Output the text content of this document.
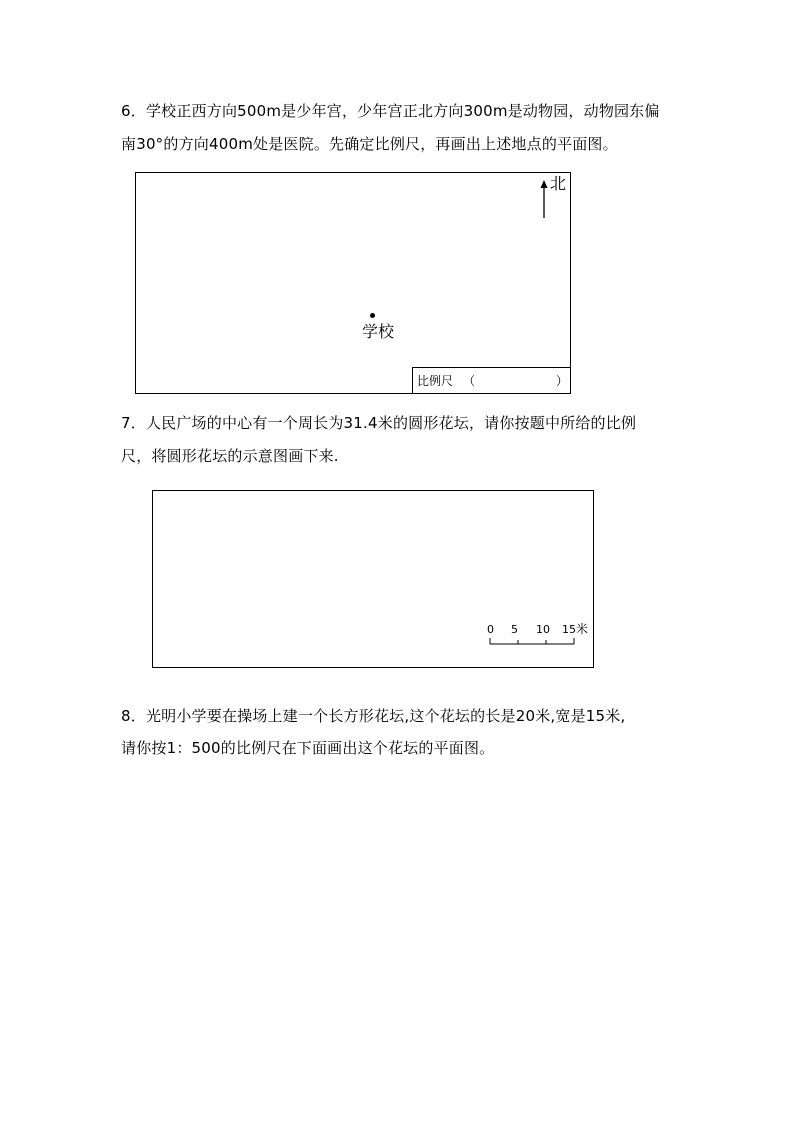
6．学校正西方向500m是少年宫，少年宫正北方向300m是动物园，动物园东偏
南30°的方向400m处是医院。先确定比例尺，再画出上述地点的平面图。
北
学校
比例尺 （	）
7．人民广场的中心有一个周长为31.4米的圆形花坛，请你按题中所给的比例
尺，将圆形花坛的示意图画下来.
0 5 10 15 米
8．光明小学要在操场上建一个长方形花坛,这个花坛的长是20米,宽是15米,
请你按1：500的比例尺在下面画出这个花坛的平面图。
